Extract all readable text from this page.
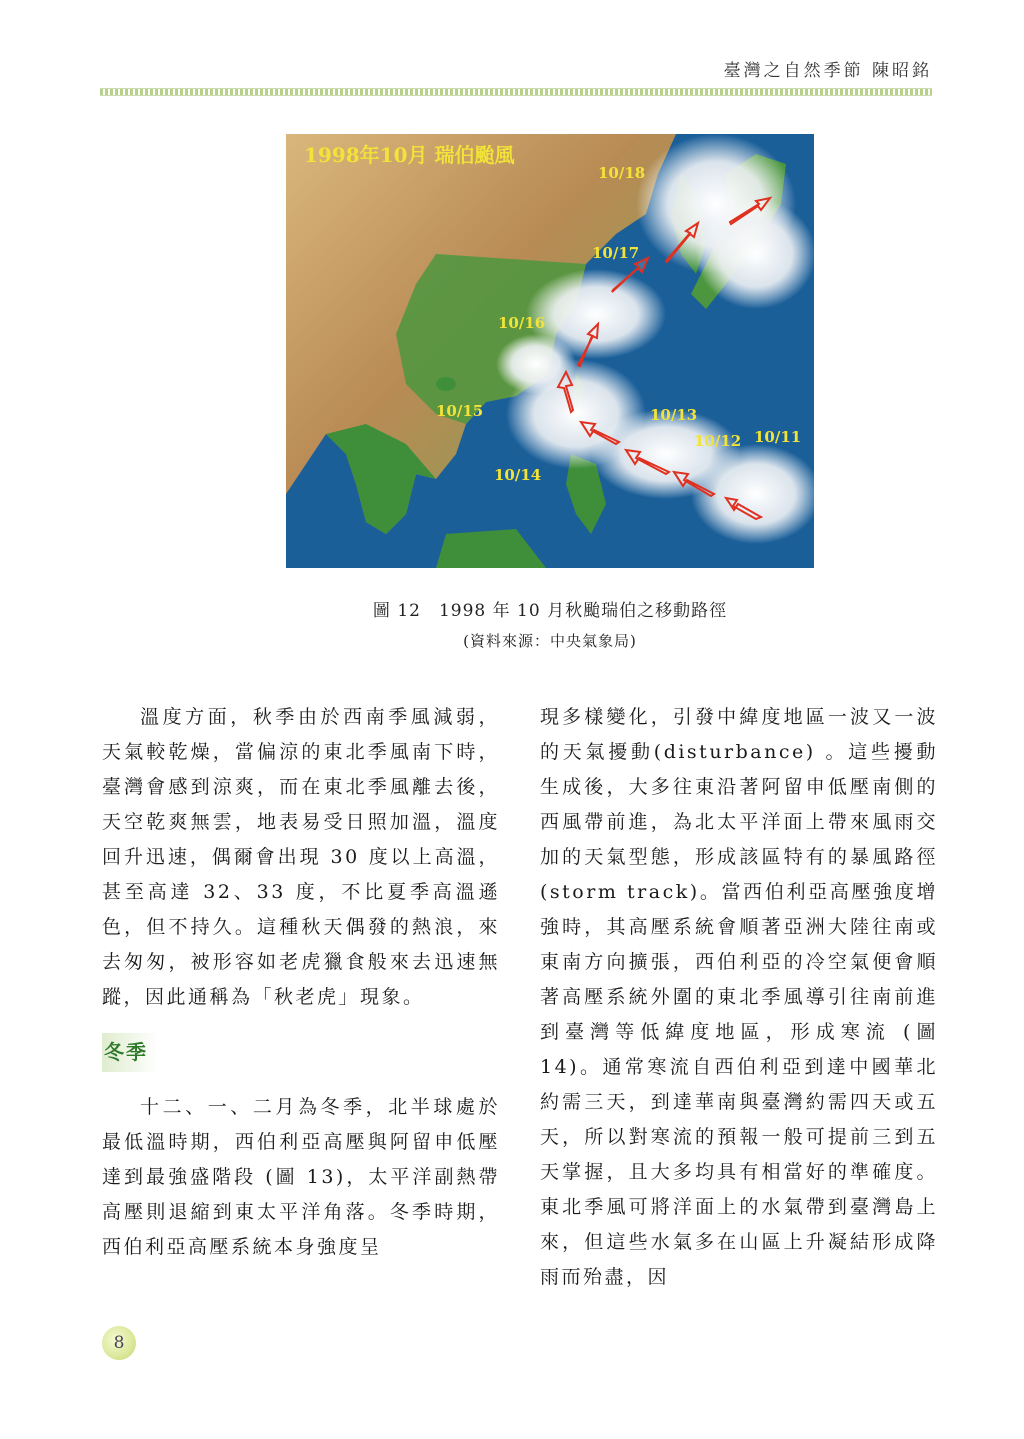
臺灣之自然季節 陳昭銘
1998年10月 瑞伯颱風
10/18
10/17
10/16
10/15	10/13
10/12 10/11
10/14
圖 12　1998 年 10 月秋颱瑞伯之移動路徑
(資料來源：中央氣象局)

溫度方面，秋季由於西南季風減弱，天氣較乾燥，當偏涼的東北季風南下時，臺灣會感到涼爽，而在東北季風離去後，天空乾爽無雲，地表易受日照加溫，溫度回升迅速，偶爾會出現 30 度以上高溫，甚至高達 32、33 度，不比夏季高溫遜色，但不持久。這種秋天偶發的熱浪，來去匆匆，被形容如老虎獵食般來去迅速無蹤，因此通稱為「秋老虎」現象。

冬季

十二、一、二月為冬季，北半球處於最低溫時期，西伯利亞高壓與阿留申低壓達到最強盛階段 (圖 13)，太平洋副熱帶高壓則退縮到東太平洋角落。冬季時期，西伯利亞高壓系統本身強度呈

現多樣變化，引發中緯度地區一波又一波的天氣擾動(disturbance) 。這些擾動生成後，大多往東沿著阿留申低壓南側的西風帶前進，為北太平洋面上帶來風雨交加的天氣型態，形成該區特有的暴風路徑(storm track)。當西伯利亞高壓強度增強時，其高壓系統會順著亞洲大陸往南或東南方向擴張，西伯利亞的冷空氣便會順著高壓系統外圍的東北季風導引往南前進到臺灣等低緯度地區，形成寒流 (圖 14)。通常寒流自西伯利亞到達中國華北約需三天，到達華南與臺灣約需四天或五天，所以對寒流的預報一般可提前三到五天掌握，且大多均具有相當好的準確度。東北季風可將洋面上的水氣帶到臺灣島上來，但這些水氣多在山區上升凝結形成降雨而殆盡，因

8
